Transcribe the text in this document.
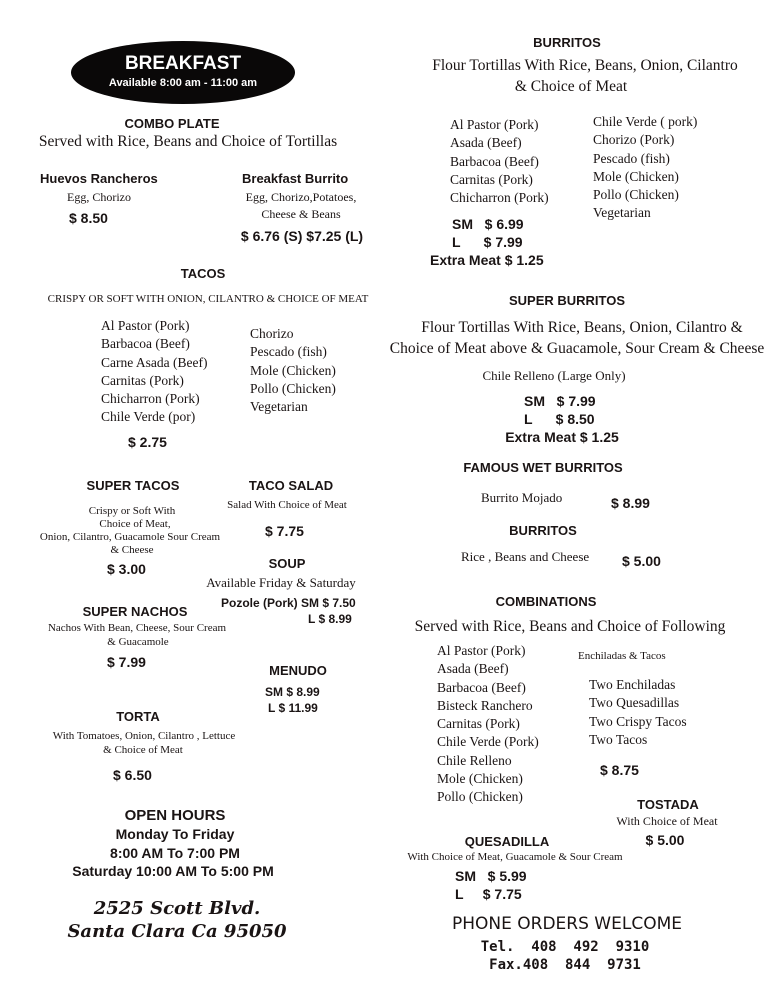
BREAKFAST
Available 8:00 am - 11:00 am
COMBO PLATE
Served with Rice, Beans and Choice of Tortillas
Huevos Rancheros
Egg, Chorizo
$ 8.50
Breakfast Burrito
Egg, Chorizo,Potatoes,
Cheese & Beans
$ 6.76 (S) $7.25 (L)
TACOS
CRISPY OR SOFT WITH ONION, CILANTRO & CHOICE OF MEAT
Al Pastor (Pork)
Barbacoa (Beef)
Carne Asada (Beef)
Carnitas (Pork)
Chicharron (Pork)
Chile Verde (por)
Chorizo
Pescado (fish)
Mole (Chicken)
Pollo (Chicken)
Vegetarian
$ 2.75
SUPER TACOS
Crispy or Soft With
Choice of Meat,
Onion, Cilantro, Guacamole Sour Cream
& Cheese
$ 3.00
TACO SALAD
Salad With Choice of Meat
$ 7.75
SOUP
Available Friday & Saturday
Pozole (Pork) SM $ 7.50
L $ 8.99
SUPER NACHOS
Nachos With Bean, Cheese, Sour Cream
& Guacamole
$ 7.99
MENUDO
SM $ 8.99
L $ 11.99
TORTA
With Tomatoes, Onion, Cilantro , Lettuce
& Choice of Meat
$ 6.50
OPEN HOURS
Monday To Friday
8:00 AM To 7:00 PM
Saturday 10:00 AM To 5:00 PM
2525 Scott Blvd.
Santa Clara Ca 95050
BURRITOS
Flour Tortillas With Rice, Beans, Onion, Cilantro
& Choice of Meat
Al Pastor (Pork)
Asada (Beef)
Barbacoa (Beef)
Carnitas (Pork)
Chicharron (Pork)
Chile Verde ( pork)
Chorizo (Pork)
Pescado (fish)
Mole (Chicken)
Pollo (Chicken)
Vegetarian
SM   $ 6.99
L      $ 7.99
Extra Meat $ 1.25
SUPER BURRITOS
Flour Tortillas With Rice, Beans, Onion, Cilantro &
Choice of Meat above & Guacamole, Sour Cream & Cheese
Chile Relleno (Large Only)
SM   $ 7.99
L      $ 8.50
Extra Meat $ 1.25
FAMOUS WET BURRITOS
Burrito Mojado	$ 8.99
BURRITOS
Rice , Beans and Cheese $ 5.00
COMBINATIONS
Served with Rice, Beans and Choice of Following
Al Pastor (Pork)
Asada (Beef)
Barbacoa (Beef)
Bisteck Ranchero
Carnitas (Pork)
Chile Verde (Pork)
Chile Relleno
Mole (Chicken)
Pollo (Chicken)
Enchiladas & Tacos
Two Enchiladas
Two Quesadillas
Two Crispy Tacos
Two Tacos
$ 8.75
TOSTADA
With Choice of Meat
$ 5.00
QUESADILLA
With Choice of Meat, Guacamole & Sour Cream
SM   $ 5.99
L     $ 7.75
PHONE ORDERS WELCOME
Tel.  408  492  9310
Fax.408  844  9731
